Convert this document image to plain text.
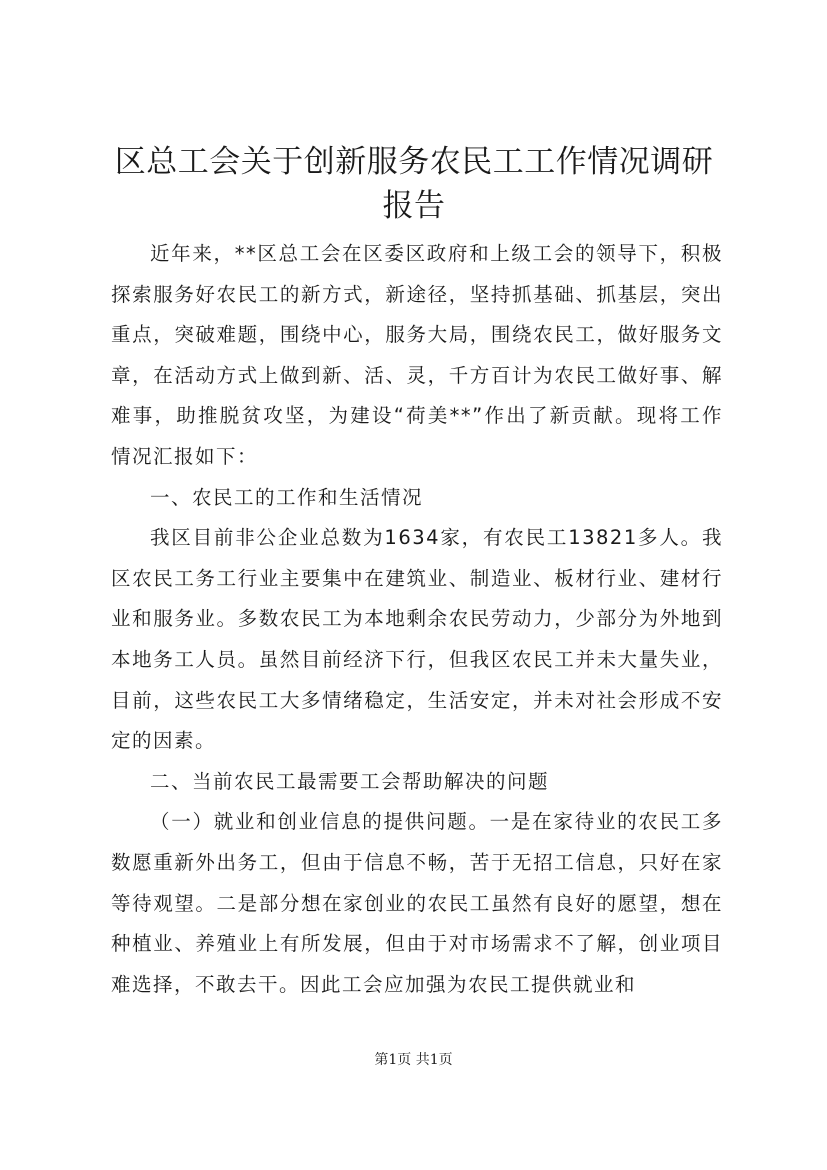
区总工会关于创新服务农民工工作情况调研报告

近年来，**区总工会在区委区政府和上级工会的领导下，积极探索服务好农民工的新方式，新途径，坚持抓基础、抓基层，突出重点，突破难题，围绕中心，服务大局，围绕农民工，做好服务文章，在活动方式上做到新、活、灵，千方百计为农民工做好事、解难事，助推脱贫攻坚，为建设“荷美**”作出了新贡献。现将工作情况汇报如下：

一、农民工的工作和生活情况

我区目前非公企业总数为1634家，有农民工13821多人。我区农民工务工行业主要集中在建筑业、制造业、板材行业、建材行业和服务业。多数农民工为本地剩余农民劳动力，少部分为外地到本地务工人员。虽然目前经济下行，但我区农民工并未大量失业，目前，这些农民工大多情绪稳定，生活安定，并未对社会形成不安定的因素。

二、当前农民工最需要工会帮助解决的问题

（一）就业和创业信息的提供问题。一是在家待业的农民工多数愿重新外出务工，但由于信息不畅，苦于无招工信息，只好在家等待观望。二是部分想在家创业的农民工虽然有良好的愿望，想在种植业、养殖业上有所发展，但由于对市场需求不了解，创业项目难选择，不敢去干。因此工会应加强为农民工提供就业和

第1页 共1页
